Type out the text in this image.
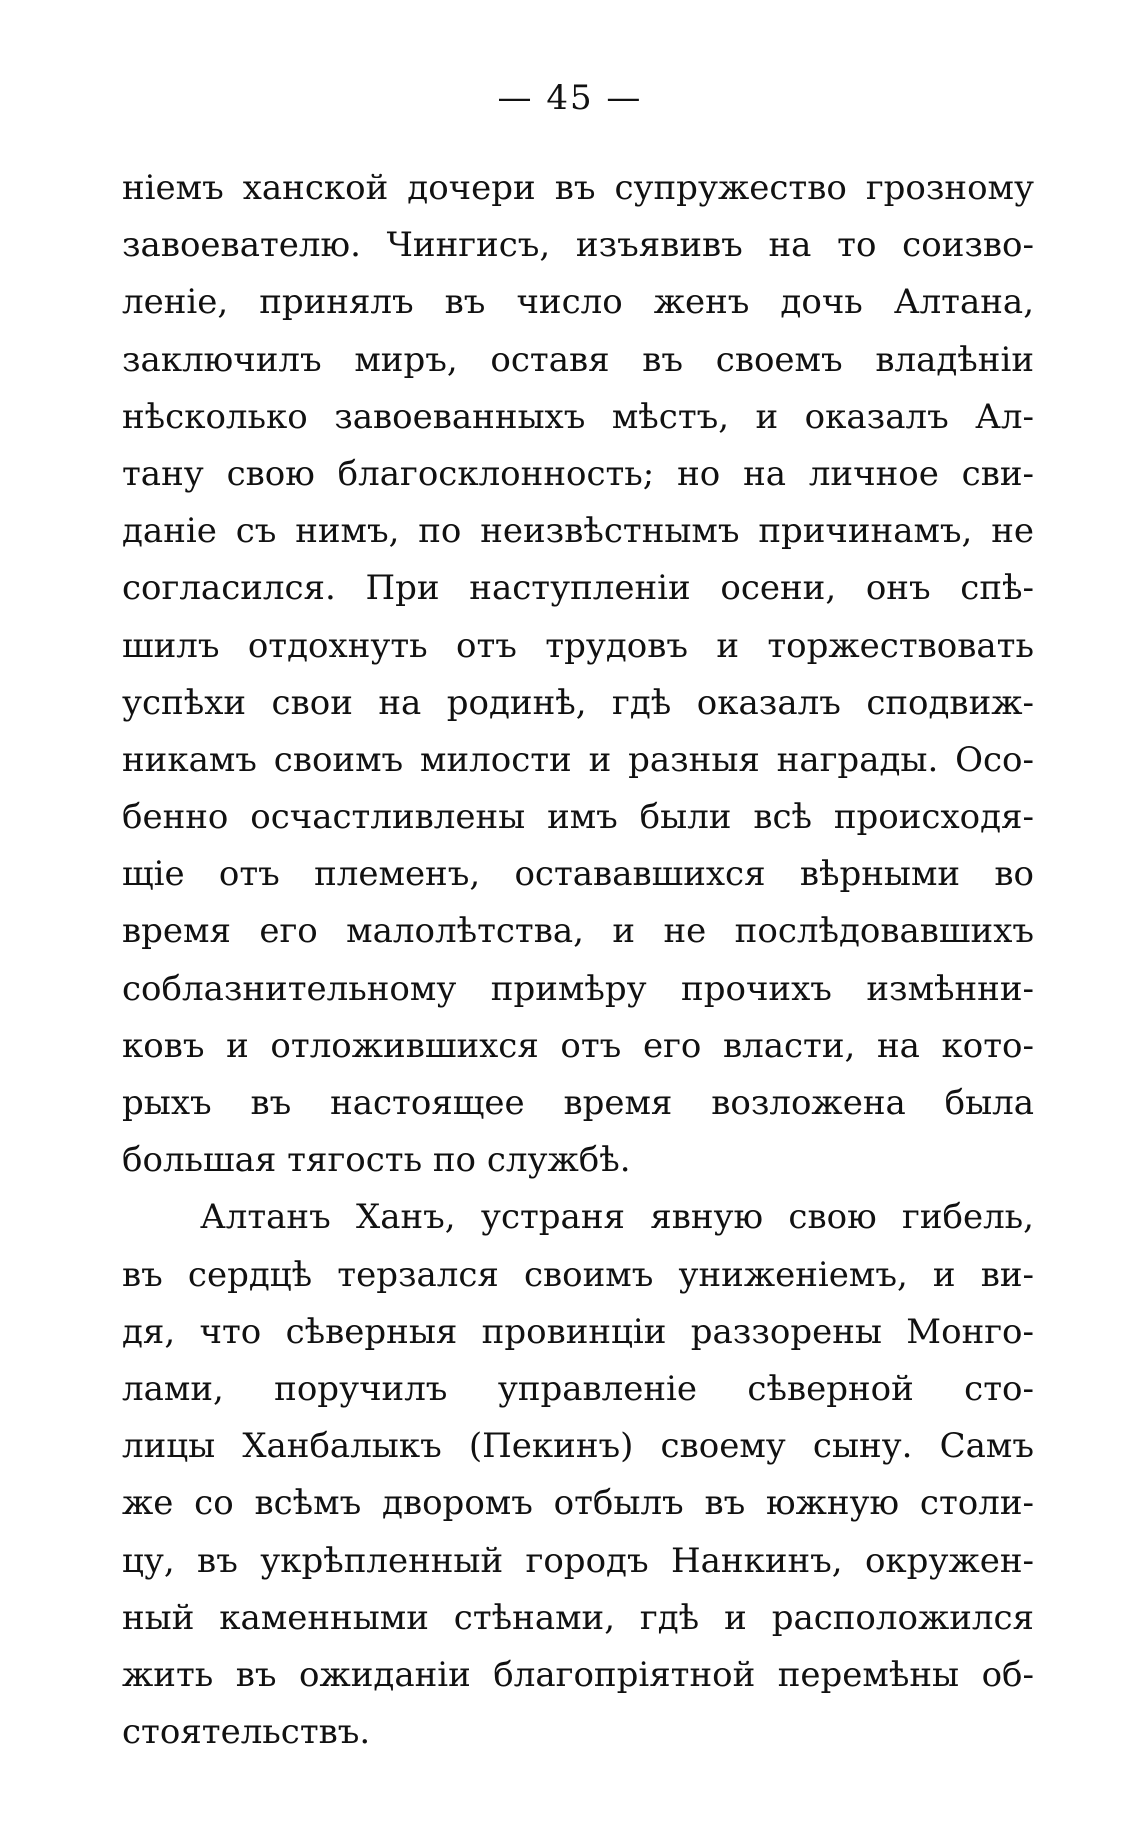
— 45 —
ніемъ ханской дочери въ супружество грозному
завоевателю. Чингисъ, изъявивъ на то соизво-
леніе, принялъ въ число женъ дочь Алтана,
заключилъ миръ, оставя въ своемъ владѣніи
нѣсколько завоеванныхъ мѣстъ, и оказалъ Ал-
тану свою благосклонность; но на личное сви-
даніе съ нимъ, по неизвѣстнымъ причинамъ, не
согласился. При наступленіи осени, онъ спѣ-
шилъ отдохнуть отъ трудовъ и торжествовать
успѣхи свои на родинѣ, гдѣ оказалъ сподвиж-
никамъ своимъ милости и разныя награды. Осо-
бенно осчастливлены имъ были всѣ происходя-
щіе отъ племенъ, остававшихся вѣрными во
время его малолѣтства, и не послѣдовавшихъ
соблазнительному примѣру прочихъ измѣнни-
ковъ и отложившихся отъ его власти, на кото-
рыхъ въ настоящее время возложена была
большая тягость по службѣ.
Алтанъ Ханъ, устраня явную свою гибель,
въ сердцѣ терзался своимъ униженіемъ, и ви-
дя, что сѣверныя провинціи раззорены Монго-
лами, поручилъ управленіе сѣверной сто-
лицы Ханбалыкъ (Пекинъ) своему сыну. Самъ
же со всѣмъ дворомъ отбылъ въ южную столи-
цу, въ укрѣпленный городъ Нанкинъ, окружен-
ный каменными стѣнами, гдѣ и расположился
жить въ ожиданіи благопріятной перемѣны об-
стоятельствъ.
